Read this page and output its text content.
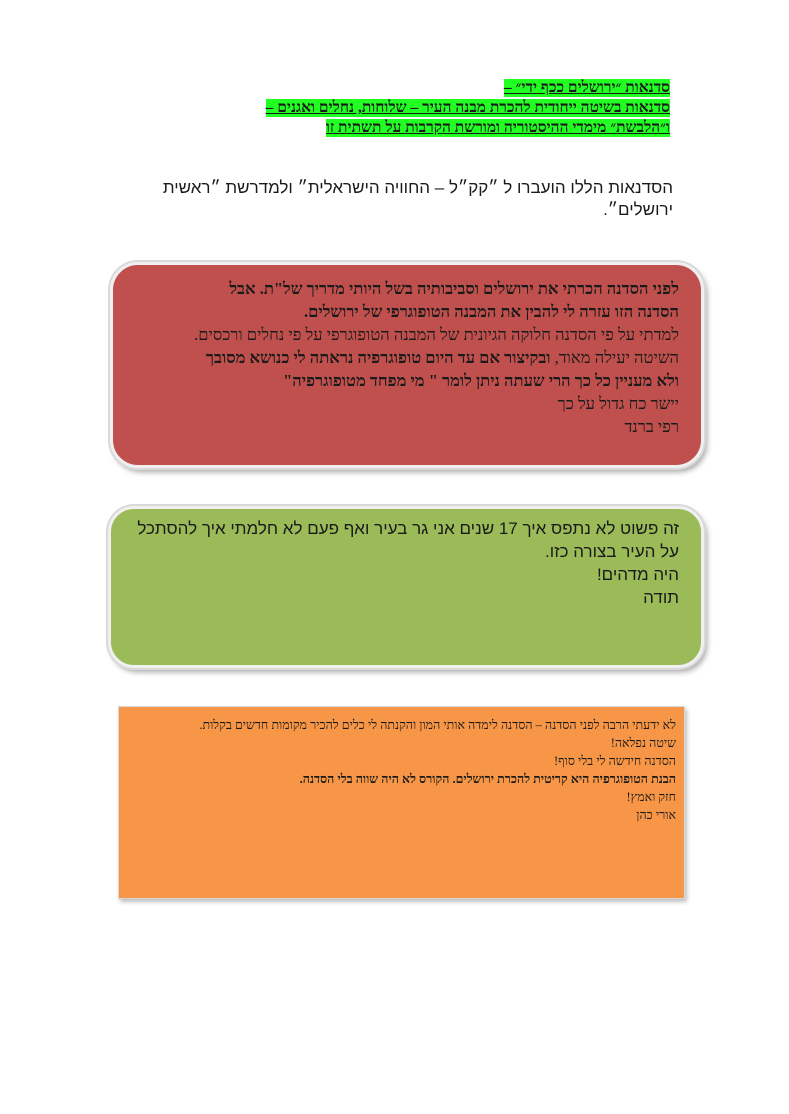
סדנאות ״ירושלים ככף ידי״ –
סדנאות בשיטה ייחודית להכרת מבנה העיר – שלוחות, נחלים ואגנים –
ו״הלבשת״ מימדי ההיסטוריה ומורשת הקרבות על תשתית זו
הסדנאות הללו הועברו ל ״קק״ל – החוויה הישראלית״ ולמדרשת ״ראשית
ירושלים״.
לפני הסדנה הכרתי את ירושלים וסביבותיה בשל היותי מדריך של"ת. אבל
הסדנה הזו עזרה לי להבין את המבנה הטופוגרפי של ירושלים.
למדתי על פי הסדנה חלוקה הגיונית של המבנה הטופוגרפי על פי נחלים ורכסים.
השיטה יעילה מאוד, ובקיצור אם עד היום טופוגרפיה נראתה לי כנושא מסובך
ולא מעניין כל כך הרי שעתה ניתן לומר " מי מפחד מטופוגרפיה"
יישר כח גדול על כך
רפי ברנד
זה פשוט לא נתפס איך 17 שנים אני גר בעיר ואף פעם לא חלמתי איך להסתכל
על העיר בצורה כזו.
היה מדהים!
תודה
לא ידעתי הרבה לפני הסדנה – הסדנה לימדה אותי המון והקנתה לי כלים להכיר מקומות חדשים בקלות.
שיטה נפלאה!
הסדנה חידשה לי בלי סוף!
הבנת הטופוגרפיה היא קריטית להכרת ירושלים. הקורס לא היה שווה בלי הסדנה.
חזק ואמץ!
אורי כהן
